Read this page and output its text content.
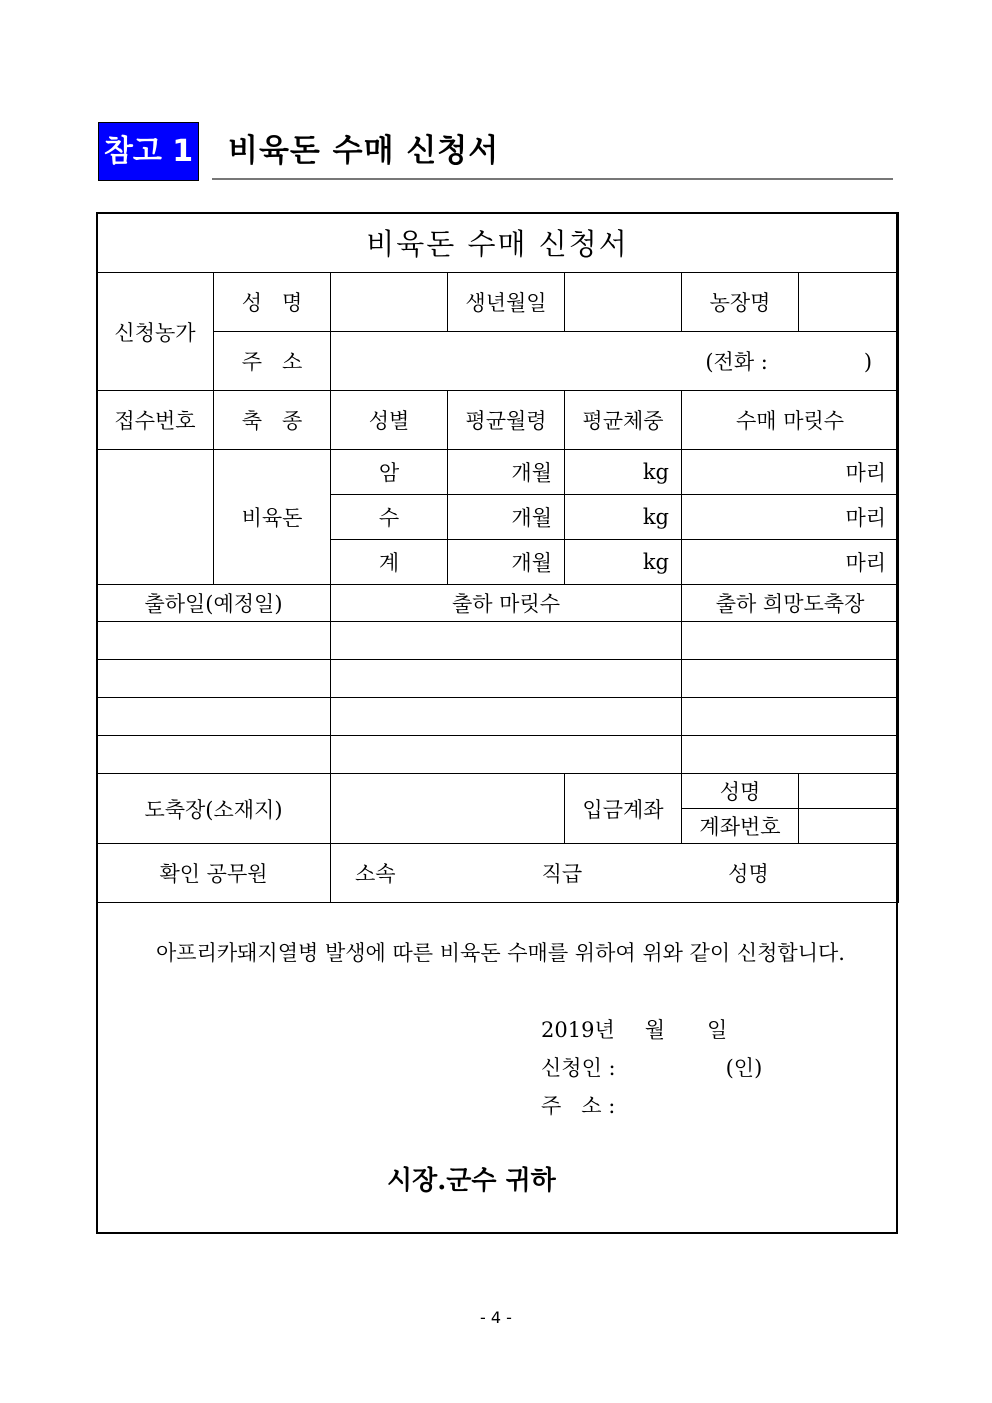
참고 1 비육돈 수매 신청서
비육돈 수매 신청서						
신청농가	성 명		생년월일		농장명	
	주 소	(전화 : )				
접수번호	축 종	성별	평균월령	평균체중	수매 마릿수	
	비육돈	암	개월	kg	마리	
		수	개월	kg	마리	
		계	개월	kg	마리	
출하일(예정일)		출하 마릿수			출하 희망도축장	

도축장(소재지)				입금계좌	성명	
					계좌번호	
확인 공무원		소속 직급 성명				
아프리카돼지열병 발생에 따른 비육돈 수매를 위하여 위와 같이 신청합니다.
2019년 월 일
신청인 :	(인)
주   소 :
시장.군수 귀하
- 4 -
